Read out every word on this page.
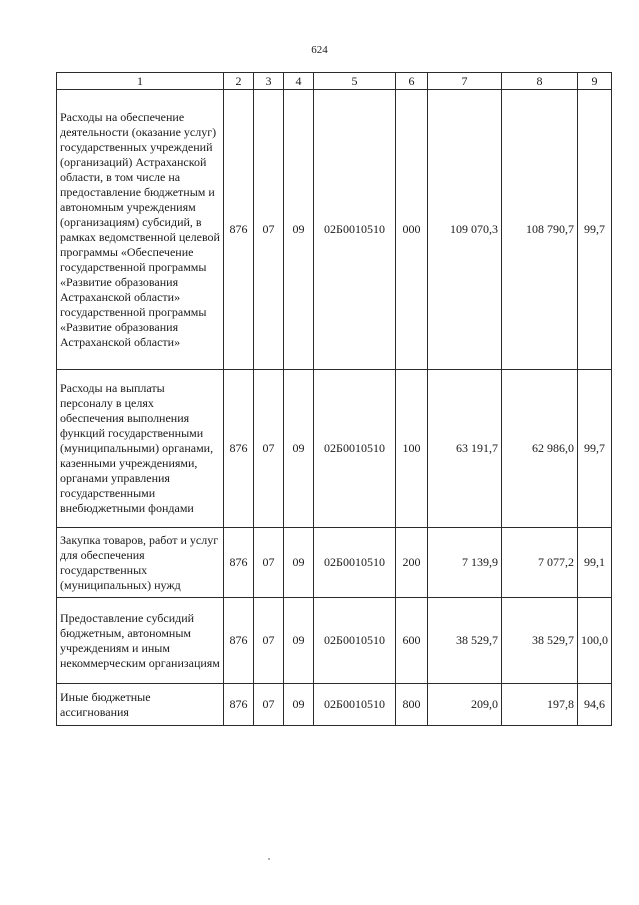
624
1	2	3	4	5	6	7	8	9
Расходы на обеспечение деятельности (оказание услуг) государственных учреждений (организаций) Астраханской области, в том числе на предоставление бюджетным и автономным учреждениям (организациям) субсидий, в рамках ведомственной целевой программы «Обеспечение государственной программы «Развитие образования Астраханской области» государственной программы «Развитие образования Астраханской области»	876	07	09	02Б0010510	000	109 070,3	108 790,7	99,7
Расходы на выплаты персоналу в целях обеспечения выполнения функций государственными (муниципальными) органами, казенными учреждениями, органами управления государственными внебюджетными фондами	876	07	09	02Б0010510	100	63 191,7	62 986,0	99,7
Закупка товаров, работ и услуг для обеспечения государственных (муниципальных) нужд	876	07	09	02Б0010510	200	7 139,9	7 077,2	99,1
Предоставление субсидий бюджетным, автономным учреждениям и иным некоммерческим организациям	876	07	09	02Б0010510	600	38 529,7	38 529,7	100,0
Иные бюджетные ассигнования	876	07	09	02Б0010510	800	209,0	197,8	94,6
